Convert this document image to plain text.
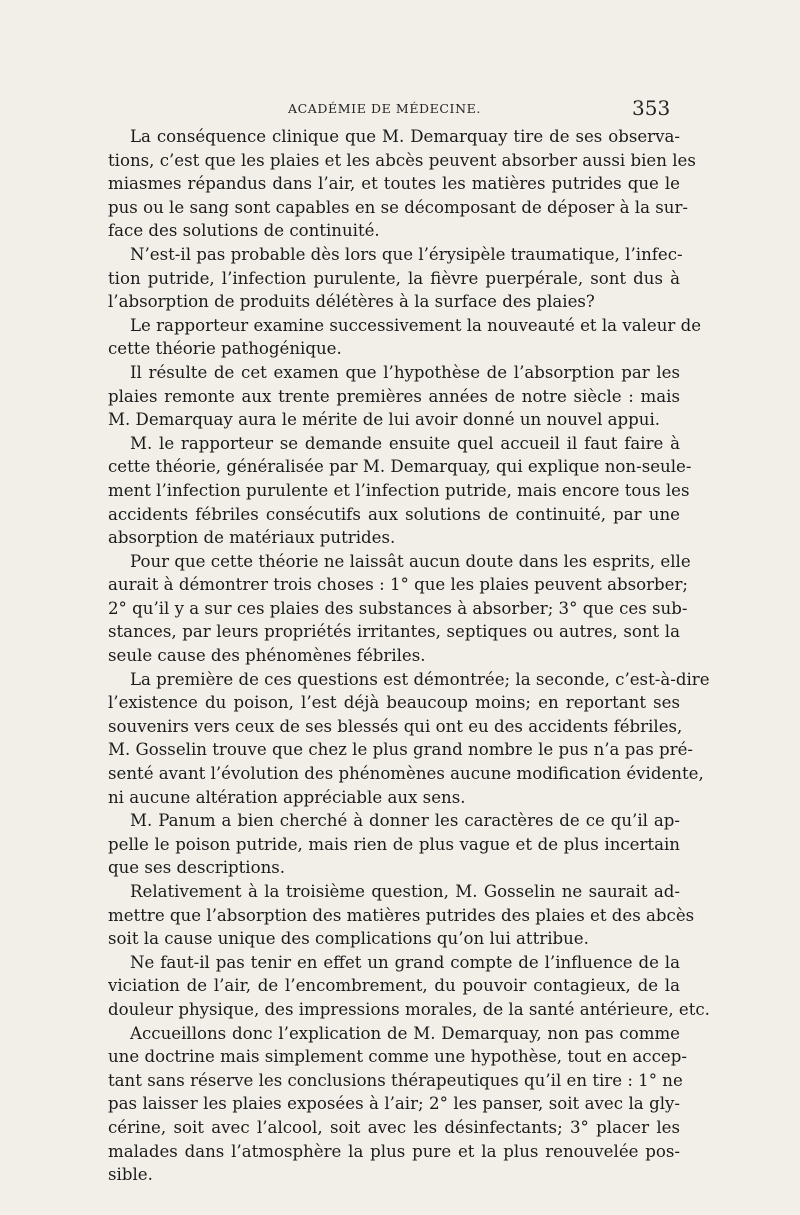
ACADÉMIE DE MÉDECINE.	353
La conséquence clinique que M. Demarquay tire de ses observa-
tions, c’est que les plaies et les abcès peuvent absorber aussi bien les
miasmes répandus dans l’air, et toutes les matières putrides que le
pus ou le sang sont capables en se décomposant de déposer à la sur-
face des solutions de continuité.
N’est-il pas probable dès lors que l’érysipèle traumatique, l’infec-
tion putride, l’infection purulente, la fièvre puerpérale, sont dus à
l’absorption de produits délétères à la surface des plaies?
Le rapporteur examine successivement la nouveauté et la valeur de
cette théorie pathogénique.
Il résulte de cet examen que l’hypothèse de l’absorption par les
plaies remonte aux trente premières années de notre siècle : mais
M. Demarquay aura le mérite de lui avoir donné un nouvel appui.
M. le rapporteur se demande ensuite quel accueil il faut faire à
cette théorie, généralisée par M. Demarquay, qui explique non-seule-
ment l’infection purulente et l’infection putride, mais encore tous les
accidents fébriles consécutifs aux solutions de continuité, par une
absorption de matériaux putrides.
Pour que cette théorie ne laissât aucun doute dans les esprits, elle
aurait à démontrer trois choses : 1° que les plaies peuvent absorber;
2° qu’il y a sur ces plaies des substances à absorber; 3° que ces sub-
stances, par leurs propriétés irritantes, septiques ou autres, sont la
seule cause des phénomènes fébriles.
La première de ces questions est démontrée; la seconde, c’est-à-dire
l’existence du poison, l’est déjà beaucoup moins; en reportant ses
souvenirs vers ceux de ses blessés qui ont eu des accidents fébriles,
M. Gosselin trouve que chez le plus grand nombre le pus n’a pas pré-
senté avant l’évolution des phénomènes aucune modification évidente,
ni aucune altération appréciable aux sens.
M. Panum a bien cherché à donner les caractères de ce qu’il ap-
pelle le poison putride, mais rien de plus vague et de plus incertain
que ses descriptions.
Relativement à la troisième question, M. Gosselin ne saurait ad-
mettre que l’absorption des matières putrides des plaies et des abcès
soit la cause unique des complications qu’on lui attribue.
Ne faut-il pas tenir en effet un grand compte de l’influence de la
viciation de l’air, de l’encombrement, du pouvoir contagieux, de la
douleur physique, des impressions morales, de la santé antérieure, etc.
Accueillons donc l’explication de M. Demarquay, non pas comme
une doctrine mais simplement comme une hypothèse, tout en accep-
tant sans réserve les conclusions thérapeutiques qu’il en tire : 1° ne
pas laisser les plaies exposées à l’air; 2° les panser, soit avec la gly-
cérine, soit avec l’alcool, soit avec les désinfectants; 3° placer les
malades dans l’atmosphère la plus pure et la plus renouvelée pos-
sible.
